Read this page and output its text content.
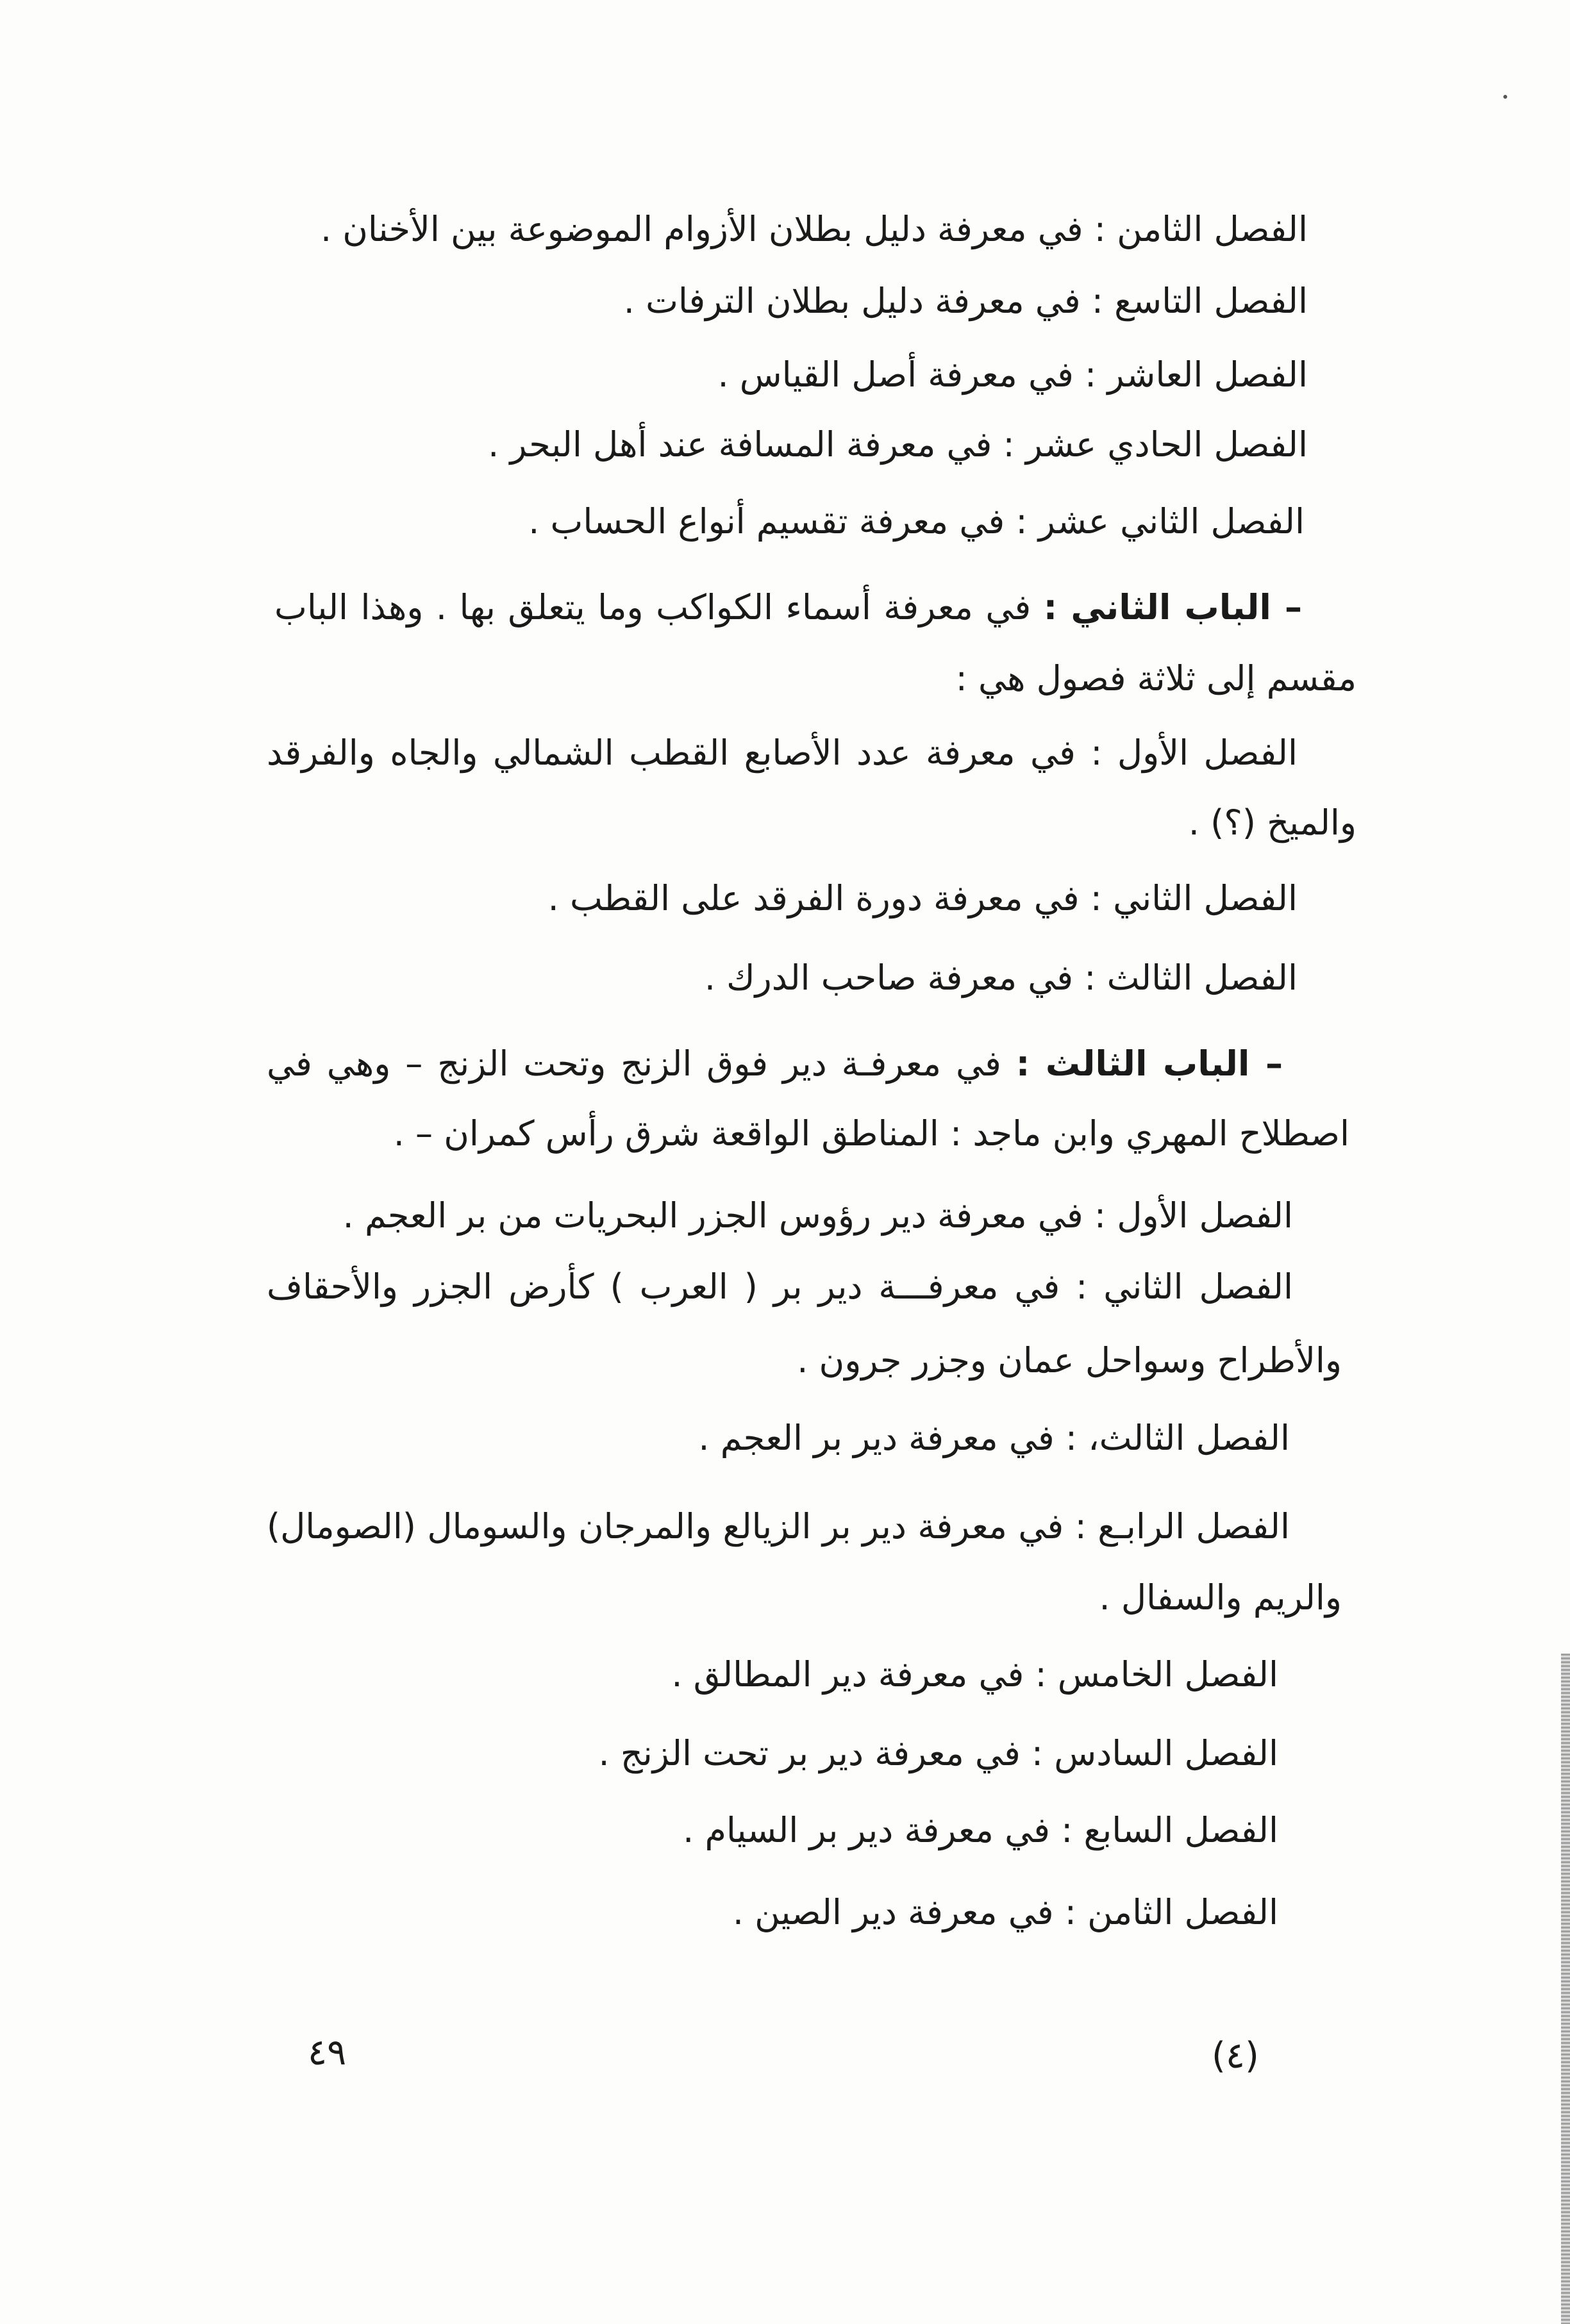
الفصل الثامن : في معرفة دليل بطلان الأزوام الموضوعة بين الأخنان .
الفصل التاسع : في معرفة دليل بطلان الترفات .
الفصل العاشر : في معرفة أصل القياس .
الفصل الحادي عشر : في معرفة المسافة عند أهل البحر .
الفصل الثاني عشر : في معرفة تقسيم أنواع الحساب .
– الباب الثاني : في معرفة أسماء الكواكب وما يتعلق بها . وهذا الباب
مقسم إلى ثلاثة فصول هي :
الفصل الأول : في معرفة عدد الأصابع القطب الشمالي والجاه والفرقد
والميخ (؟) .
الفصل الثاني : في معرفة دورة الفرقد على القطب .
الفصل الثالث : في معرفة صاحب الدرك .
– الباب الثالث : في معرفـة دير فوق الزنج وتحت الزنج – وهي في
اصطلاح المهري وابن ماجد : المناطق الواقعة شرق رأس كمران – .
الفصل الأول : في معرفة دير رؤوس الجزر البحريات من بر العجم .
الفصل الثاني : في معرفـــة دير بر ( العرب ) كأرض الجزر والأحقاف
والأطراح وسواحل عمان وجزر جرون .
الفصل الثالث، : في معرفة دير بر العجم .
الفصل الرابـع : في معرفة دير بر الزيالع والمرجان والسومال (الصومال)
والريم والسفال .
الفصل الخامس : في معرفة دير المطالق .
الفصل السادس : في معرفة دير بر تحت الزنج .
الفصل السابع : في معرفة دير بر السيام .
الفصل الثامن : في معرفة دير الصين .
٤٩	(٤)
